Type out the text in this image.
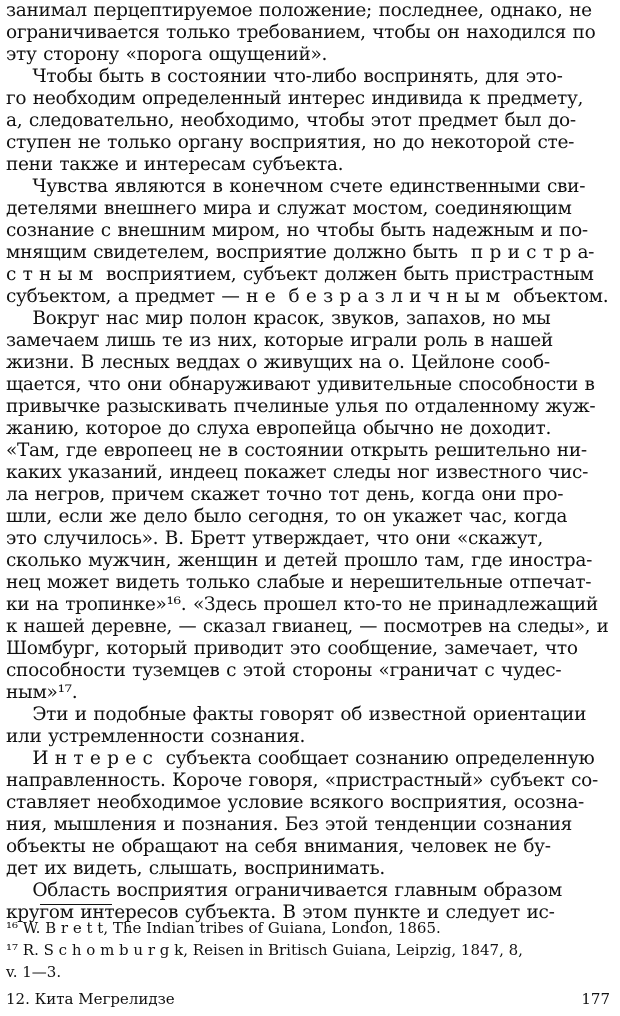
занимал перцептируемое положение; последнее, однако, не
ограничивается только требованием, чтобы он находился по
эту сторону «порога ощущений».
Чтобы быть в состоянии что-либо воспринять, для это-
го необходим определенный интерес индивида к предмету,
а, следовательно, необходимо, чтобы этот предмет был до-
ступен не только органу восприятия, но до некоторой сте-
пени также и интересам субъекта.
Чувства являются в конечном счете единственными сви-
детелями внешнего мира и служат мостом, соединяющим
сознание с внешним миром, но чтобы быть надежным и по-
мнящим свидетелем, восприятие должно быть  п р и с т р а-
с т н ы м  восприятием, субъект должен быть пристрастным
субъектом, а предмет — н е  б е з р а з л и ч н ы м  объектом.
Вокруг нас мир полон красок, звуков, запахов, но мы
замечаем лишь те из них, которые играли роль в нашей
жизни. В лесных веддах о живущих на о. Цейлоне сооб-
щается, что они обнаруживают удивительные способности в
привычке разыскивать пчелиные улья по отдаленному жуж-
жанию, которое до слуха европейца обычно не доходит.
«Там, где европеец не в состоянии открыть решительно ни-
каких указаний, индеец покажет следы ног известного чис-
ла негров, причем скажет точно тот день, когда они про-
шли, если же дело было сегодня, то он укажет час, когда
это случилось». В. Бретт утверждает, что они «скажут,
сколько мужчин, женщин и детей прошло там, где иностра-
нец может видеть только слабые и нерешительные отпечат-
ки на тропинке»¹⁶. «Здесь прошел кто-то не принадлежащий
к нашей деревне, — сказал гвианец, — посмотрев на следы», и
Шомбург, который приводит это сообщение, замечает, что
способности туземцев с этой стороны «граничат с чудес-
ным»¹⁷.
Эти и подобные факты говорят об известной ориентации
или устремленности сознания.
И н т е р е с  субъекта сообщает сознанию определенную
направленность. Короче говоря, «пристрастный» субъект со-
ставляет необходимое условие всякого восприятия, осозна-
ния, мышления и познания. Без этой тенденции сознания
объекты не обращают на себя внимания, человек не бу-
дет их видеть, слышать, воспринимать.
Область восприятия ограничивается главным образом
кругом интересов субъекта. В этом пункте и следует ис-
¹⁶ W. B r e t t, The Indian tribes of Guiana, London, 1865.
¹⁷ R. S c h o m b u r g k, Reisen in Britisch Guiana, Leipzig, 1847, 8,
v. 1—3.
12. Кита Мегрелидзе	177
